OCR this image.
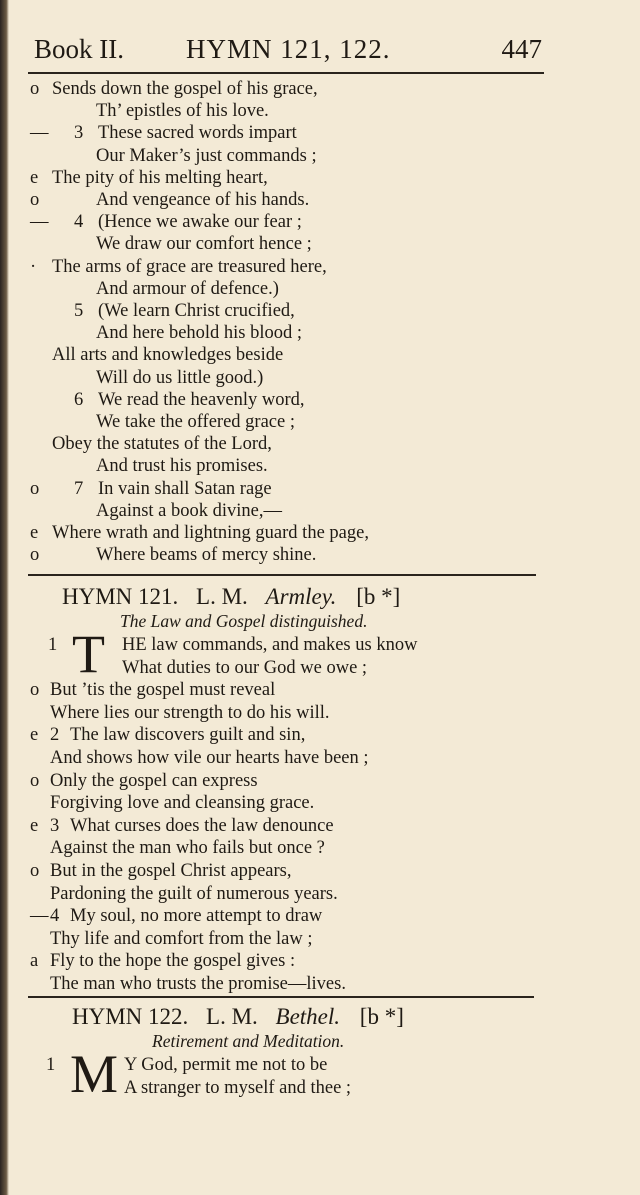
Book II. HYMN 121, 122.	447
o Sends down the gospel of his grace,
Th’ epistles of his love.
— 3 These sacred words impart
Our Maker’s just commands ;
e The pity of his melting heart,
o	And vengeance of his hands.
— 4 (Hence we awake our fear ;
We draw our comfort hence ;
· The arms of grace are treasured here,
And armour of defence.)
5 (We learn Christ crucified,
And here behold his blood ;
All arts and knowledges beside
Will do us little good.)
6 We read the heavenly word,
We take the offered grace ;
Obey the statutes of the Lord,
And trust his promises.
o	7 In vain shall Satan rage
Against a book divine,—
e Where wrath and lightning guard the page,
o	Where beams of mercy shine.
HYMN 121. L. M. Armley. [b *]
The Law and Gospel distinguished.
1 T HE law commands, and makes us know
What duties to our God we owe ;
o But ’tis the gospel must reveal
Where lies our strength to do his will.
e 2 The law discovers guilt and sin,
And shows how vile our hearts have been ;
o Only the gospel can express
Forgiving love and cleansing grace.
e 3 What curses does the law denounce
Against the man who fails but once ?
o But in the gospel Christ appears,
Pardoning the guilt of numerous years.
— 4 My soul, no more attempt to draw
Thy life and comfort from the law ;
a Fly to the hope the gospel gives :
The man who trusts the promise—lives.
HYMN 122. L. M. Bethel. [b *]
Retirement and Meditation.
1 M Y God, permit me not to be
A stranger to myself and thee ;
